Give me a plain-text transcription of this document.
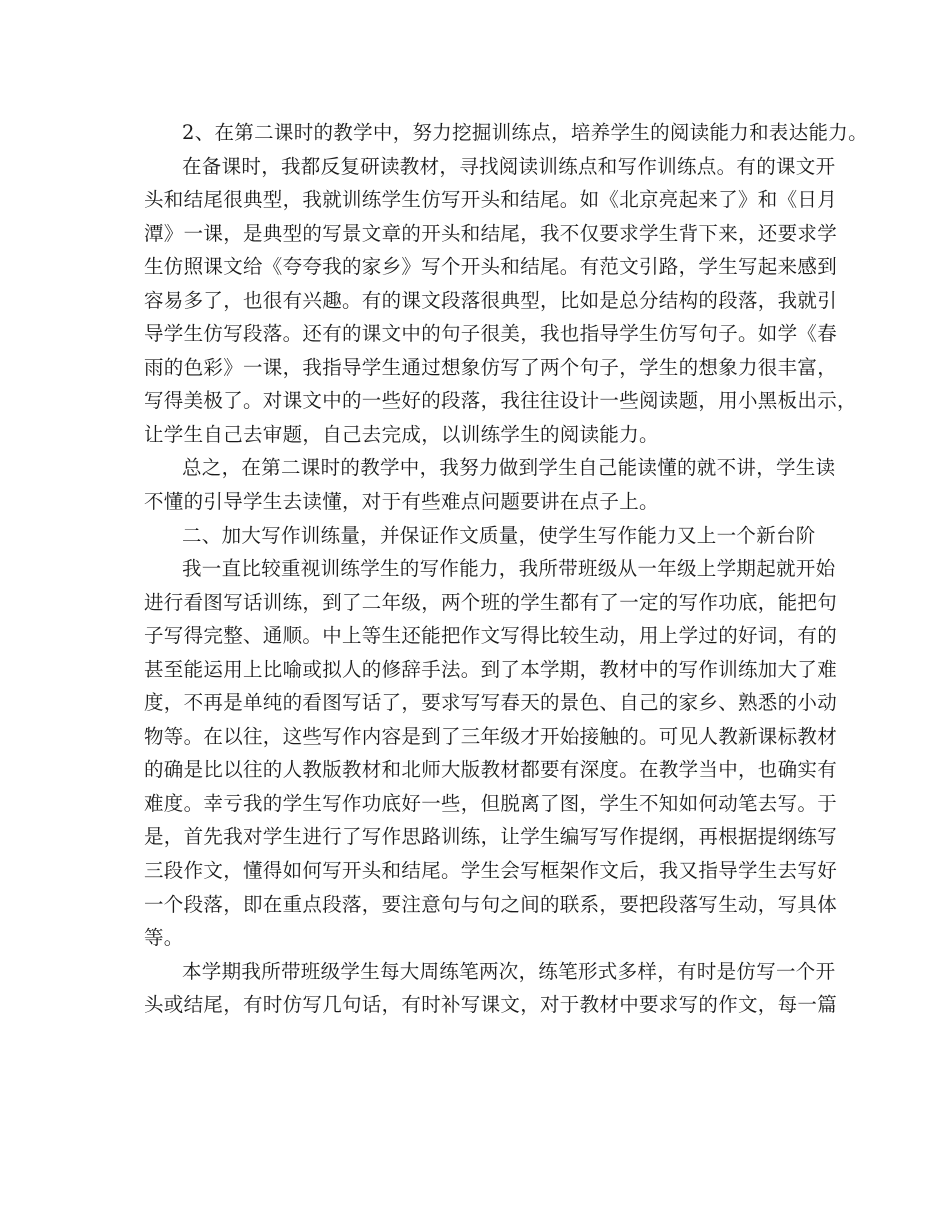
2、在第二课时的教学中，努力挖掘训练点，培养学生的阅读能力和表达能力。
在备课时，我都反复研读教材，寻找阅读训练点和写作训练点。有的课文开
头和结尾很典型，我就训练学生仿写开头和结尾。如《北京亮起来了》和《日月
潭》一课，是典型的写景文章的开头和结尾，我不仅要求学生背下来，还要求学
生仿照课文给《夸夸我的家乡》写个开头和结尾。有范文引路，学生写起来感到
容易多了，也很有兴趣。有的课文段落很典型，比如是总分结构的段落，我就引
导学生仿写段落。还有的课文中的句子很美，我也指导学生仿写句子。如学《春
雨的色彩》一课，我指导学生通过想象仿写了两个句子，学生的想象力很丰富，
写得美极了。对课文中的一些好的段落，我往往设计一些阅读题，用小黑板出示，
让学生自己去审题，自己去完成，以训练学生的阅读能力。
总之，在第二课时的教学中，我努力做到学生自己能读懂的就不讲，学生读
不懂的引导学生去读懂，对于有些难点问题要讲在点子上。
二、加大写作训练量，并保证作文质量，使学生写作能力又上一个新台阶
我一直比较重视训练学生的写作能力，我所带班级从一年级上学期起就开始
进行看图写话训练，到了二年级，两个班的学生都有了一定的写作功底，能把句
子写得完整、通顺。中上等生还能把作文写得比较生动，用上学过的好词，有的
甚至能运用上比喻或拟人的修辞手法。到了本学期，教材中的写作训练加大了难
度，不再是单纯的看图写话了，要求写写春天的景色、自己的家乡、熟悉的小动
物等。在以往，这些写作内容是到了三年级才开始接触的。可见人教新课标教材
的确是比以往的人教版教材和北师大版教材都要有深度。在教学当中，也确实有
难度。幸亏我的学生写作功底好一些，但脱离了图，学生不知如何动笔去写。于
是，首先我对学生进行了写作思路训练，让学生编写写作提纲，再根据提纲练写
三段作文，懂得如何写开头和结尾。学生会写框架作文后，我又指导学生去写好
一个段落，即在重点段落，要注意句与句之间的联系，要把段落写生动，写具体
等。
本学期我所带班级学生每大周练笔两次，练笔形式多样，有时是仿写一个开
头或结尾，有时仿写几句话，有时补写课文，对于教材中要求写的作文，每一篇
